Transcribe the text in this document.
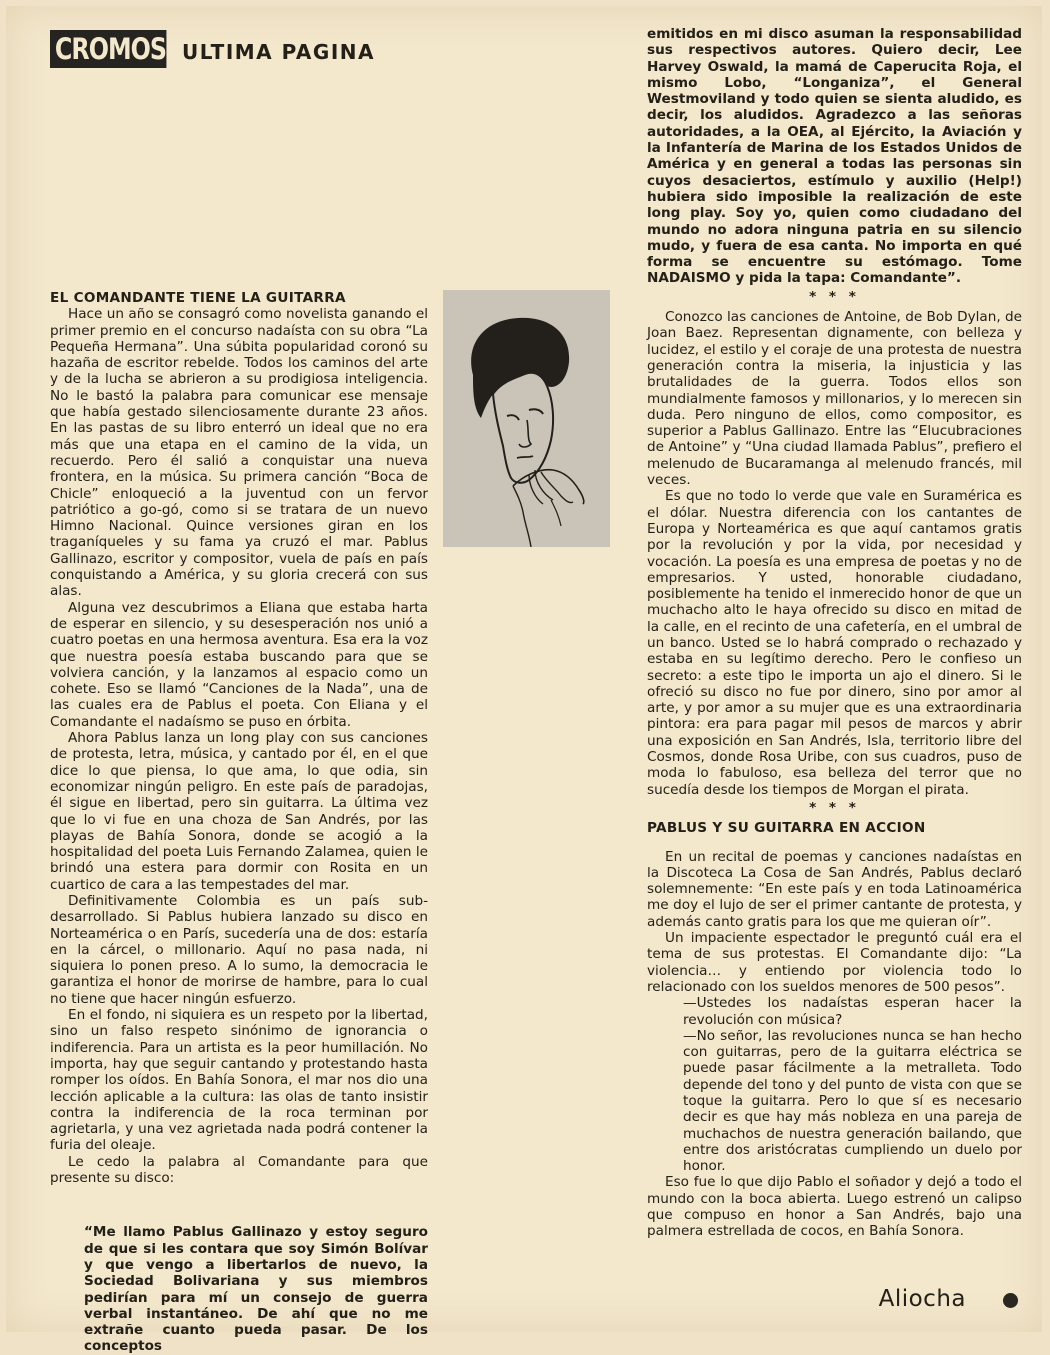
CROMOS ULTIMA PAGINA

EL COMANDANTE TIENE LA GUITARRA

Hace un año se consagró como novelista ganando el primer premio en el concurso nadaísta con su obra “La Pequeña Hermana”. Una súbita popularidad coronó su hazaña de escritor rebelde. Todos los caminos del arte y de la lucha se abrieron a su prodigiosa inteligencia. No le bastó la palabra para comunicar ese mensaje que había gestado silenciosamente durante 23 años. En las pastas de su libro enterró un ideal que no era más que una etapa en el camino de la vida, un recuerdo. Pero él salió a conquistar una nueva frontera, en la música. Su primera canción “Boca de Chicle” enloqueció a la juventud con un fervor patriótico a go-gó, como si se tratara de un nuevo Himno Nacional. Quince versiones giran en los traganíqueles y su fama ya cruzó el mar. Pablus Gallinazo, escritor y compositor, vuela de país en país conquistando a América, y su gloria crecerá con sus alas.

Alguna vez descubrimos a Eliana que estaba harta de esperar en silencio, y su desesperación nos unió a cuatro poetas en una hermosa aventura. Esa era la voz que nuestra poesía estaba buscando para que se volviera canción, y la lanzamos al espacio como un cohete. Eso se llamó “Canciones de la Nada”, una de las cuales era de Pablus el poeta. Con Eliana y el Comandante el nadaísmo se puso en órbita.

Ahora Pablus lanza un long play con sus canciones de protesta, letra, música, y cantado por él, en el que dice lo que piensa, lo que ama, lo que odia, sin economizar ningún peligro. En este país de paradojas, él sigue en libertad, pero sin guitarra. La última vez que lo vi fue en una choza de San Andrés, por las playas de Bahía Sonora, donde se acogió a la hospitalidad del poeta Luis Fernando Zalamea, quien le brindó una estera para dormir con Rosita en un cuartico de cara a las tempestades del mar.

Definitivamente Colombia es un país sub-desarrollado. Si Pablus hubiera lanzado su disco en Norteamérica o en París, sucedería una de dos: estaría en la cárcel, o millonario. Aquí no pasa nada, ni siquiera lo ponen preso. A lo sumo, la democracia le garantiza el honor de morirse de hambre, para lo cual no tiene que hacer ningún esfuerzo.

En el fondo, ni siquiera es un respeto por la libertad, sino un falso respeto sinónimo de ignorancia o indiferencia. Para un artista es la peor humillación. No importa, hay que seguir cantando y protestando hasta romper los oídos. En Bahía Sonora, el mar nos dio una lección aplicable a la cultura: las olas de tanto insistir contra la indiferencia de la roca terminan por agrietarla, y una vez agrietada nada podrá contener la furia del oleaje.

Le cedo la palabra al Comandante para que presente su disco:

“Me llamo Pablus Gallinazo y estoy seguro de que si les contara que soy Simón Bolívar y que vengo a libertarlos de nuevo, la Sociedad Bolivariana y sus miembros pedirían para mí un consejo de guerra verbal instantáneo. De ahí que no me extrañe cuanto pueda pasar. De los conceptos

emitidos en mi disco asuman la responsabilidad sus respectivos autores. Quiero decir, Lee Harvey Oswald, la mamá de Caperucita Roja, el mismo Lobo, “Longaniza”, el General Westmoviland y todo quien se sienta aludido, es decir, los aludidos. Agradezco a las señoras autoridades, a la OEA, al Ejército, la Aviación y la Infantería de Marina de los Estados Unidos de América y en general a todas las personas sin cuyos desaciertos, estímulo y auxilio (Help!) hubiera sido imposible la realización de este long play. Soy yo, quien como ciudadano del mundo no adora ninguna patria en su silencio mudo, y fuera de esa canta. No importa en qué forma se encuentre su estómago. Tome NADAISMO y pida la tapa: Comandante”.

* * *

Conozco las canciones de Antoine, de Bob Dylan, de Joan Baez. Representan dignamente, con belleza y lucidez, el estilo y el coraje de una protesta de nuestra generación contra la miseria, la injusticia y las brutalidades de la guerra. Todos ellos son mundialmente famosos y millonarios, y lo merecen sin duda. Pero ninguno de ellos, como compositor, es superior a Pablus Gallinazo. Entre las “Elucubraciones de Antoine” y “Una ciudad llamada Pablus”, prefiero el melenudo de Bucaramanga al melenudo francés, mil veces.

Es que no todo lo verde que vale en Suramérica es el dólar. Nuestra diferencia con los cantantes de Europa y Norteamérica es que aquí cantamos gratis por la revolución y por la vida, por necesidad y vocación. La poesía es una empresa de poetas y no de empresarios. Y usted, honorable ciudadano, posiblemente ha tenido el inmerecido honor de que un muchacho alto le haya ofrecido su disco en mitad de la calle, en el recinto de una cafetería, en el umbral de un banco. Usted se lo habrá comprado o rechazado y estaba en su legítimo derecho. Pero le confieso un secreto: a este tipo le importa un ajo el dinero. Si le ofreció su disco no fue por dinero, sino por amor al arte, y por amor a su mujer que es una extraordinaria pintora: era para pagar mil pesos de marcos y abrir una exposición en San Andrés, Isla, territorio libre del Cosmos, donde Rosa Uribe, con sus cuadros, puso de moda lo fabuloso, esa belleza del terror que no sucedía desde los tiempos de Morgan el pirata.

* * *

PABLUS Y SU GUITARRA EN ACCION

En un recital de poemas y canciones nadaístas en la Discoteca La Cosa de San Andrés, Pablus declaró solemnemente: “En este país y en toda Latinoamérica me doy el lujo de ser el primer cantante de protesta, y además canto gratis para los que me quieran oír”.

Un impaciente espectador le preguntó cuál era el tema de sus protestas. El Comandante dijo: “La violencia… y entiendo por violencia todo lo relacionado con los sueldos menores de 500 pesos”.

—Ustedes los nadaístas esperan hacer la revolución con música?

—No señor, las revoluciones nunca se han hecho con guitarras, pero de la guitarra eléctrica se puede pasar fácilmente a la metralleta. Todo depende del tono y del punto de vista con que se toque la guitarra. Pero lo que sí es necesario decir es que hay más nobleza en una pareja de muchachos de nuestra generación bailando, que entre dos aristócratas cumpliendo un duelo por honor.

Eso fue lo que dijo Pablo el soñador y dejó a todo el mundo con la boca abierta. Luego estrenó un calipso que compuso en honor a San Andrés, bajo una palmera estrellada de cocos, en Bahía Sonora.

Aliocha
